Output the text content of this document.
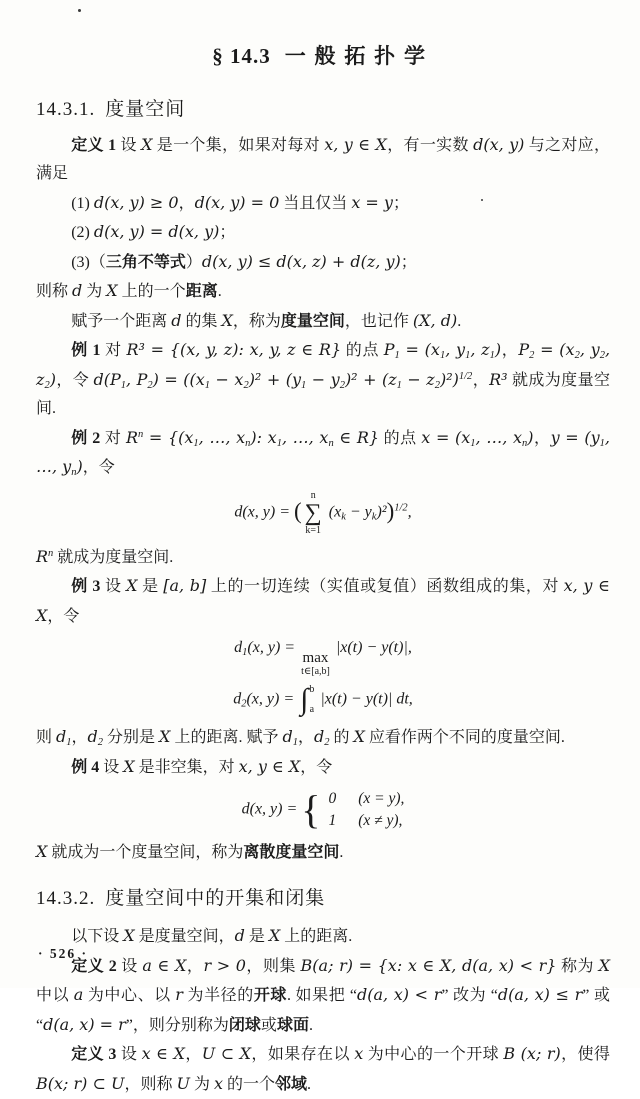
§ 14.3 一般拓扑学
14.3.1. 度量空间

定义 1 设 X 是一个集，如果对每对 x, y ∈ X，有一实数 d(x, y) 与之对应，满足

(1) d(x, y) ≥ 0，d(x, y) = 0 当且仅当 x = y；

(2) d(x, y) = d(x, y)；

(3)（三角不等式）d(x, y) ≤ d(x, z) + d(z, y)；

则称 d 为 X 上的一个距离.

赋予一个距离 d 的集 X，称为度量空间，也记作 (X, d).

例 1 对 R³ = {(x, y, z): x, y, z ∈ R} 的点 $P_1 = (x_1$, $y_1$, $z_1$)，$P_2 = (x_2$, $y_2$, $z_2$)，令 $d(P_1$, $P_2) = ((x_1 - x_2)^2 + (y_1 - y_2)^2 + (z_1 - z_2)^2)^{1/2}$，R³ 就成为度量空间.

例 2 对 $R^n = \{(x_1$, …, $x_n$): $x_1$, …, $x_n$ ∈ R} 的点 $x = (x_1$, …, $x_n$)，$y = (y_1$, …, $y_n$)，令

d(x, y) = (
n
∑
k=1
$(x_k - y_k)^2)^{1/2}$,

$R^n$ 就成为度量空间.

例 3 设 X 是 [a, b] 上的一切连续（实值或复值）函数组成的集，对 x, y ∈ X，令

$d_1(x$, y) =
max
t∈[a,b]
|x(t) − y(t)|,
$d_2(x$, y) = ∫ b
a
|x(t) − y(t)| dt,

则 $d_1$，$d_2$ 分别是 X 上的距离. 赋予 $d_1$，$d_2$ 的 X 应看作两个不同的度量空间.

例 4 设 X 是非空集，对 x, y ∈ X，令

d(x, y) = { 0 (x = y),
1 (x ≠ y),

X 就成为一个度量空间，称为离散度量空间.

14.3.2. 度量空间中的开集和闭集

以下设 X 是度量空间，d 是 X 上的距离.

定义 2 设 a ∈ X，r > 0，则集 B(a; r) = {x: x ∈ X, d(a, x) < r} 称为 X 中以 a 为中心、以 r 为半径的开球. 如果把 “d(a, x) < r” 改为 “d(a, x) ≤ r” 或 “d(a, x) = r”，则分别称为闭球或球面.

定义 3 设 x ∈ X，U ⊂ X，如果存在以 x 为中心的一个开球 B (x; r)，使得 B(x; r) ⊂ U，则称 U 为 x 的一个邻域.

· 526 ·
